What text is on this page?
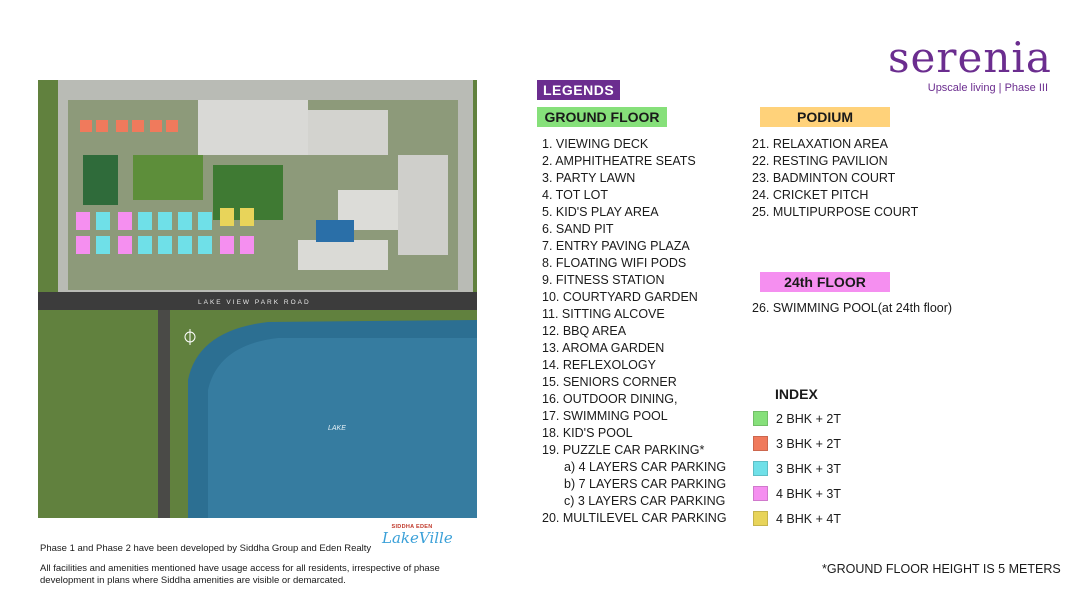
serenia
Upscale living | Phase III
LAKE VIEW PARK ROAD
LAKE
LEGENDS
GROUND FLOOR
1. VIEWING DECK
2. AMPHITHEATRE SEATS
3. PARTY LAWN
4. TOT LOT
5. KID'S PLAY AREA
6. SAND PIT
7. ENTRY PAVING PLAZA
8. FLOATING WIFI PODS
9. FITNESS STATION
10. COURTYARD GARDEN
11. SITTING ALCOVE
12. BBQ AREA
13. AROMA GARDEN
14. REFLEXOLOGY
15. SENIORS CORNER
16. OUTDOOR DINING,
17. SWIMMING POOL
18. KID'S POOL
19. PUZZLE CAR PARKING*
a) 4 LAYERS CAR PARKING
b) 7 LAYERS CAR PARKING
c) 3 LAYERS CAR PARKING
20. MULTILEVEL CAR PARKING
PODIUM
21. RELAXATION AREA
22. RESTING PAVILION
23. BADMINTON COURT
24. CRICKET PITCH
25. MULTIPURPOSE COURT
24th FLOOR
26. SWIMMING POOL(at 24th floor)
INDEX
2 BHK + 2T
3 BHK + 2T
3 BHK + 3T
4 BHK + 3T
4 BHK + 4T
Phase 1 and Phase 2 have been developed by Siddha Group and Eden Realty
All facilities and amenities mentioned have usage access for all residents, irrespective of phase development in plans where Siddha amenities are visible or demarcated.
SIDDHA EDEN
LakeVille
*GROUND FLOOR HEIGHT IS 5 METERS
